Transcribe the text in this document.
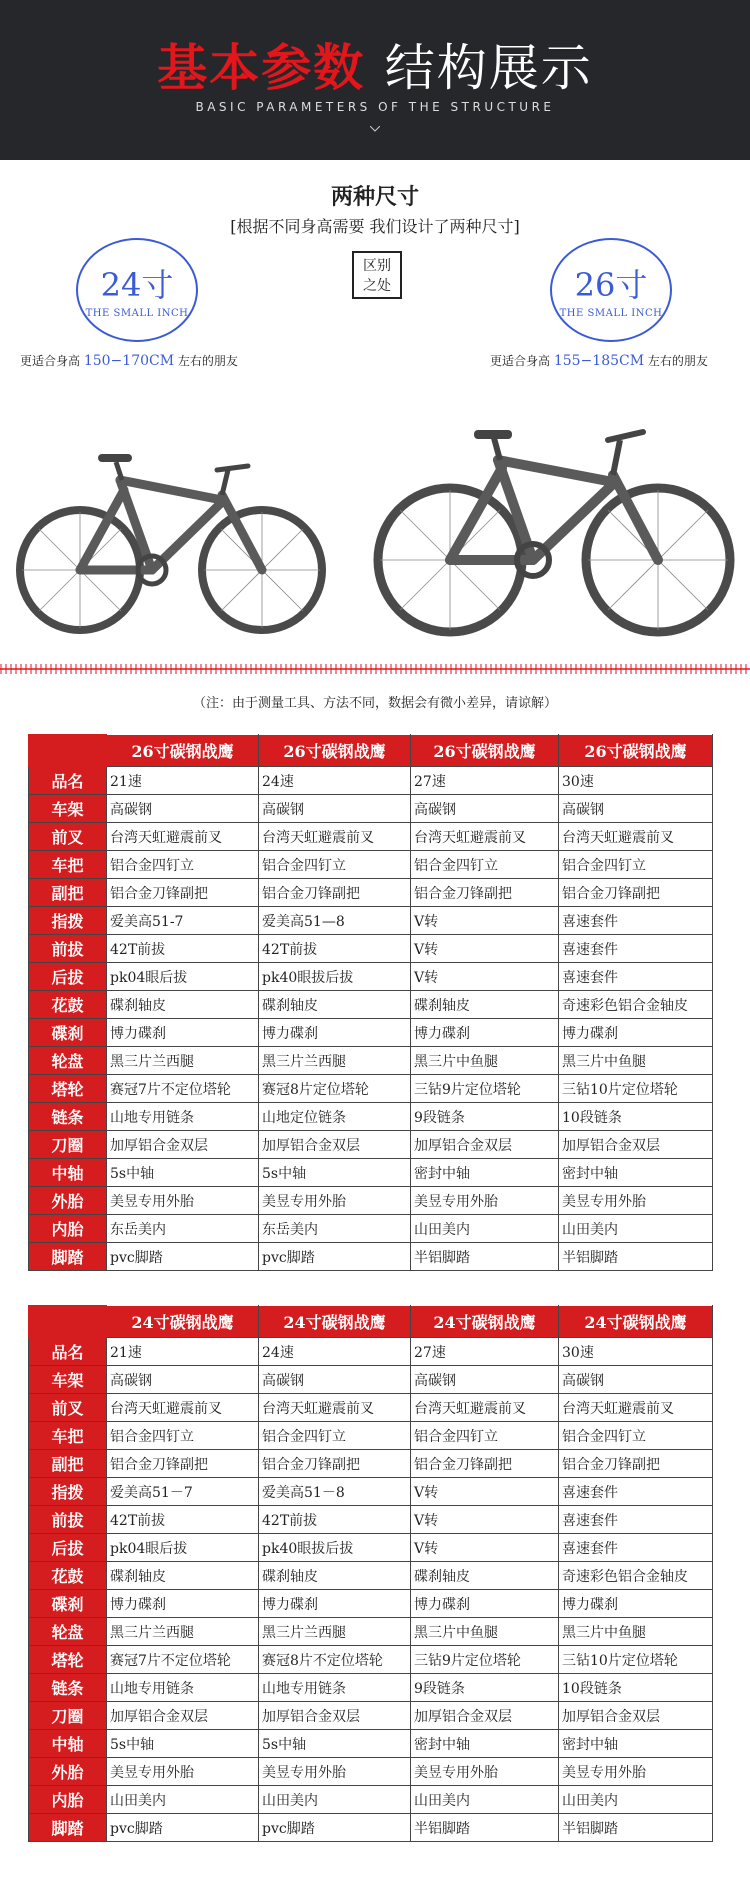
基本参数 结构展示
BASIC PARAMETERS OF THE STRUCTURE
两种尺寸
[根据不同身高需要 我们设计了两种尺寸]
24寸
THE SMALL INCH
区别
之处	26寸
THE SMALL INCH
更适合身高 150−170CM 左右的朋友	更适合身高 155−185CM 左右的朋友
（注：由于测量工具、方法不同，数据会有微小差异，请谅解）
	26寸碳钢战鹰	26寸碳钢战鹰	26寸碳钢战鹰	26寸碳钢战鹰
品名	21速	24速	27速	30速
车架	高碳钢	高碳钢	高碳钢	高碳钢
前叉	台湾天虹避震前叉	台湾天虹避震前叉	台湾天虹避震前叉	台湾天虹避震前叉
车把	铝合金四钉立	铝合金四钉立	铝合金四钉立	铝合金四钉立
副把	铝合金刀锋副把	铝合金刀锋副把	铝合金刀锋副把	铝合金刀锋副把
指拨	爱美高51-7	爱美高51—8	V转	喜速套件
前拔	42T前拔	42T前拔	V转	喜速套件
后拔	pk04眼后拔	pk40眼拔后拔	V转	喜速套件
花鼓	碟刹轴皮	碟刹轴皮	碟刹轴皮	奇速彩色铝合金轴皮
碟刹	博力碟刹	博力碟刹	博力碟刹	博力碟刹
轮盘	黑三片兰西腿	黑三片兰西腿	黑三片中鱼腿	黑三片中鱼腿
塔轮	赛冠7片不定位塔轮	赛冠8片定位塔轮	三钻9片定位塔轮	三钻10片定位塔轮
链条	山地专用链条	山地定位链条	9段链条	10段链条
刀圈	加厚铝合金双层	加厚铝合金双层	加厚铝合金双层	加厚铝合金双层
中轴	5s中轴	5s中轴	密封中轴	密封中轴
外胎	美昱专用外胎	美昱专用外胎	美昱专用外胎	美昱专用外胎
内胎	东岳美内	东岳美内	山田美内	山田美内
脚踏	pvc脚踏	pvc脚踏	半铝脚踏	半铝脚踏
	24寸碳钢战鹰	24寸碳钢战鹰	24寸碳钢战鹰	24寸碳钢战鹰
品名	21速	24速	27速	30速
车架	高碳钢	高碳钢	高碳钢	高碳钢
前叉	台湾天虹避震前叉	台湾天虹避震前叉	台湾天虹避震前叉	台湾天虹避震前叉
车把	铝合金四钉立	铝合金四钉立	铝合金四钉立	铝合金四钉立
副把	铝合金刀锋副把	铝合金刀锋副把	铝合金刀锋副把	铝合金刀锋副把
指拨	爱美高51－7	爱美高51－8	V转	喜速套件
前拔	42T前拔	42T前拔	V转	喜速套件
后拔	pk04眼后拔	pk40眼拔后拔	V转	喜速套件
花鼓	碟刹轴皮	碟刹轴皮	碟刹轴皮	奇速彩色铝合金轴皮
碟刹	博力碟刹	博力碟刹	博力碟刹	博力碟刹
轮盘	黑三片兰西腿	黑三片兰西腿	黑三片中鱼腿	黑三片中鱼腿
塔轮	赛冠7片不定位塔轮	赛冠8片不定位塔轮	三钻9片定位塔轮	三钻10片定位塔轮
链条	山地专用链条	山地专用链条	9段链条	10段链条
刀圈	加厚铝合金双层	加厚铝合金双层	加厚铝合金双层	加厚铝合金双层
中轴	5s中轴	5s中轴	密封中轴	密封中轴
外胎	美昱专用外胎	美昱专用外胎	美昱专用外胎	美昱专用外胎
内胎	山田美内	山田美内	山田美内	山田美内
脚踏	pvc脚踏	pvc脚踏	半铝脚踏	半铝脚踏
